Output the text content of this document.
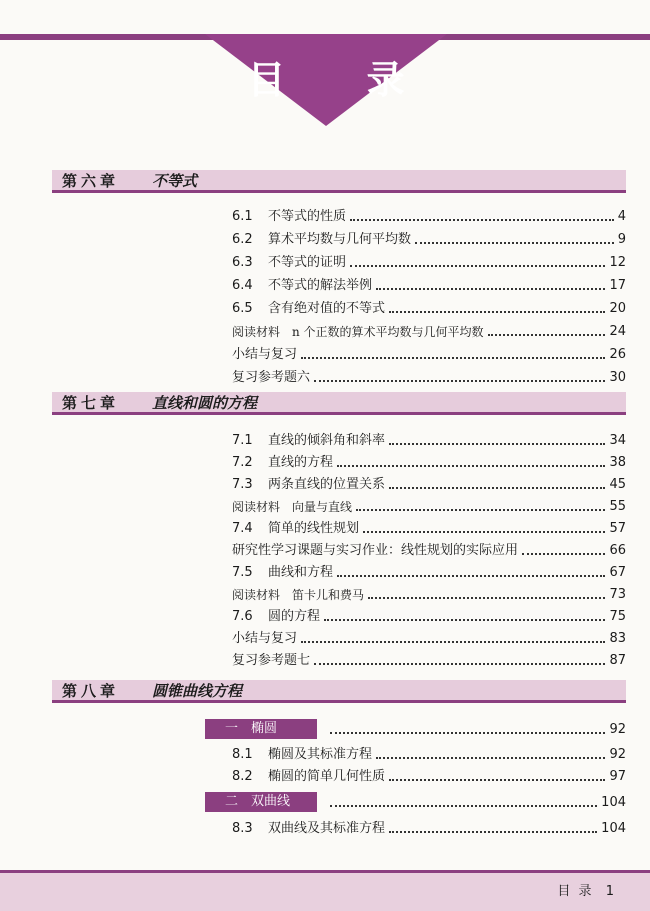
目 录
第六章 不等式
6.1 不等式的性质	4
6.2 算术平均数与几何平均数	9
6.3 不等式的证明	12
6.4 不等式的解法举例	17
6.5 含有绝对值的不等式	20
阅读材料　n 个正数的算术平均数与几何平均数	24
小结与复习	26
复习参考题六	30
第七章 直线和圆的方程
7.1 直线的倾斜角和斜率	34
7.2 直线的方程	38
7.3 两条直线的位置关系	45
阅读材料　向量与直线	55
7.4 简单的线性规划	57
研究性学习课题与实习作业：线性规划的实际应用	66
7.5 曲线和方程	67
阅读材料　笛卡儿和费马	73
7.6 圆的方程	75
小结与复习	83
复习参考题七	87
第八章 圆锥曲线方程
一　椭圆	92
8.1 椭圆及其标准方程	92
8.2 椭圆的简单几何性质	97
二　双曲线	104
8.3 双曲线及其标准方程	104
目 录 1
